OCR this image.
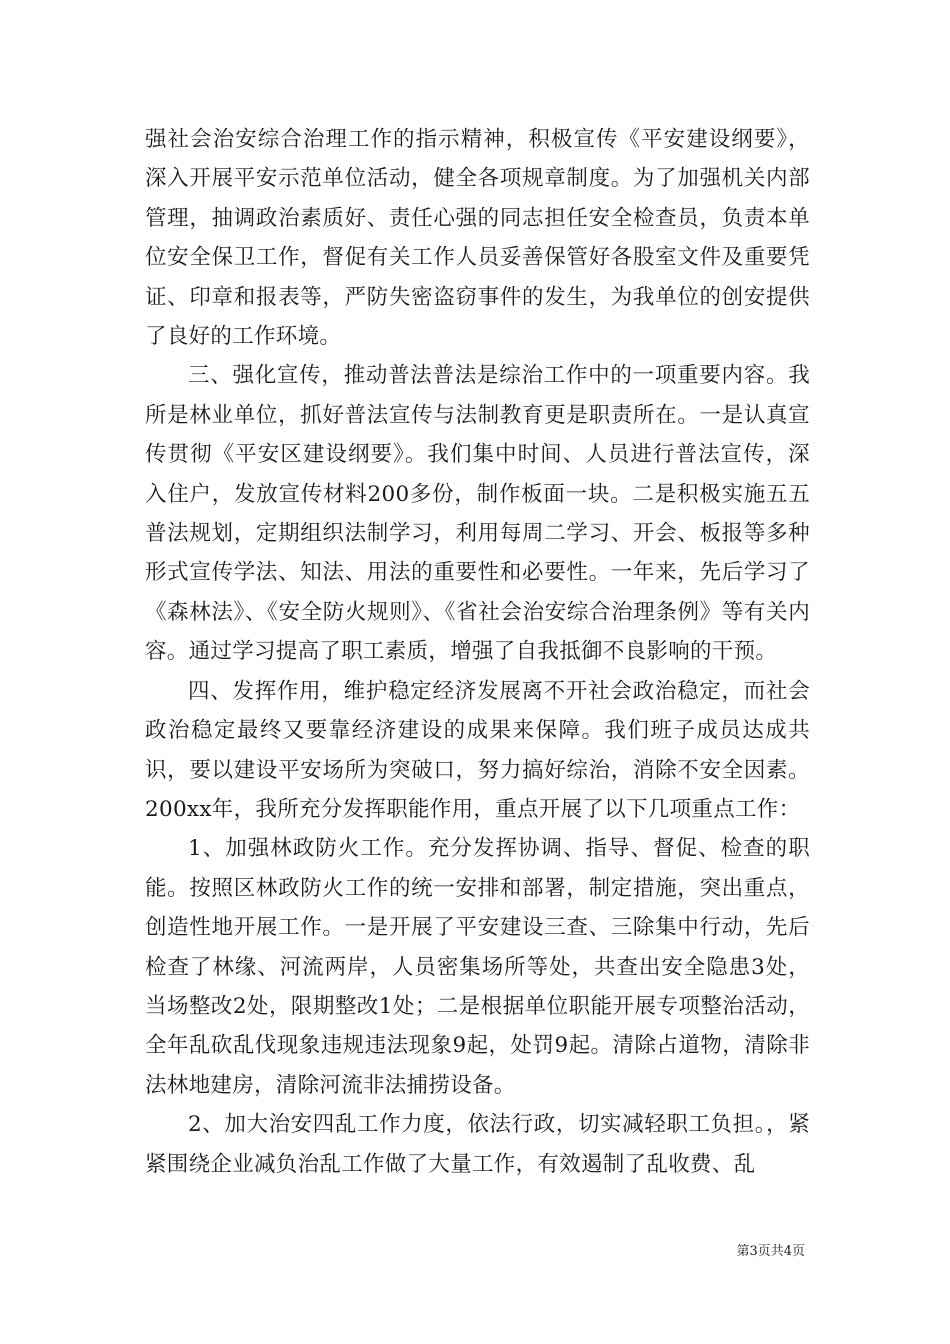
强社会治安综合治理工作的指示精神，积极宣传《平安建设纲要》，深入开展平安示范单位活动，健全各项规章制度。为了加强机关内部管理，抽调政治素质好、责任心强的同志担任安全检查员，负责本单位安全保卫工作，督促有关工作人员妥善保管好各股室文件及重要凭证、印章和报表等，严防失密盗窃事件的发生，为我单位的创安提供了良好的工作环境。

三、强化宣传，推动普法普法是综治工作中的一项重要内容。我所是林业单位，抓好普法宣传与法制教育更是职责所在。一是认真宣传贯彻《平安区建设纲要》。我们集中时间、人员进行普法宣传，深入住户，发放宣传材料200多份，制作板面一块。二是积极实施五五普法规划，定期组织法制学习，利用每周二学习、开会、板报等多种形式宣传学法、知法、用法的重要性和必要性。一年来，先后学习了《森林法》、《安全防火规则》、《省社会治安综合治理条例》等有关内容。通过学习提高了职工素质，增强了自我抵御不良影响的干预。

四、发挥作用，维护稳定经济发展离不开社会政治稳定，而社会政治稳定最终又要靠经济建设的成果来保障。我们班子成员达成共识，要以建设平安场所为突破口，努力搞好综治，消除不安全因素。200xx年，我所充分发挥职能作用，重点开展了以下几项重点工作：

1、加强林政防火工作。充分发挥协调、指导、督促、检查的职能。按照区林政防火工作的统一安排和部署，制定措施，突出重点，创造性地开展工作。一是开展了平安建设三查、三除集中行动，先后检查了林缘、河流两岸，人员密集场所等处，共查出安全隐患3处，当场整改2处，限期整改1处；二是根据单位职能开展专项整治活动，全年乱砍乱伐现象违规违法现象9起，处罚9起。清除占道物，清除非法林地建房，清除河流非法捕捞设备。

2、加大治安四乱工作力度，依法行政，切实减轻职工负担。，紧紧围绕企业减负治乱工作做了大量工作，有效遏制了乱收费、乱

第3页共4页
